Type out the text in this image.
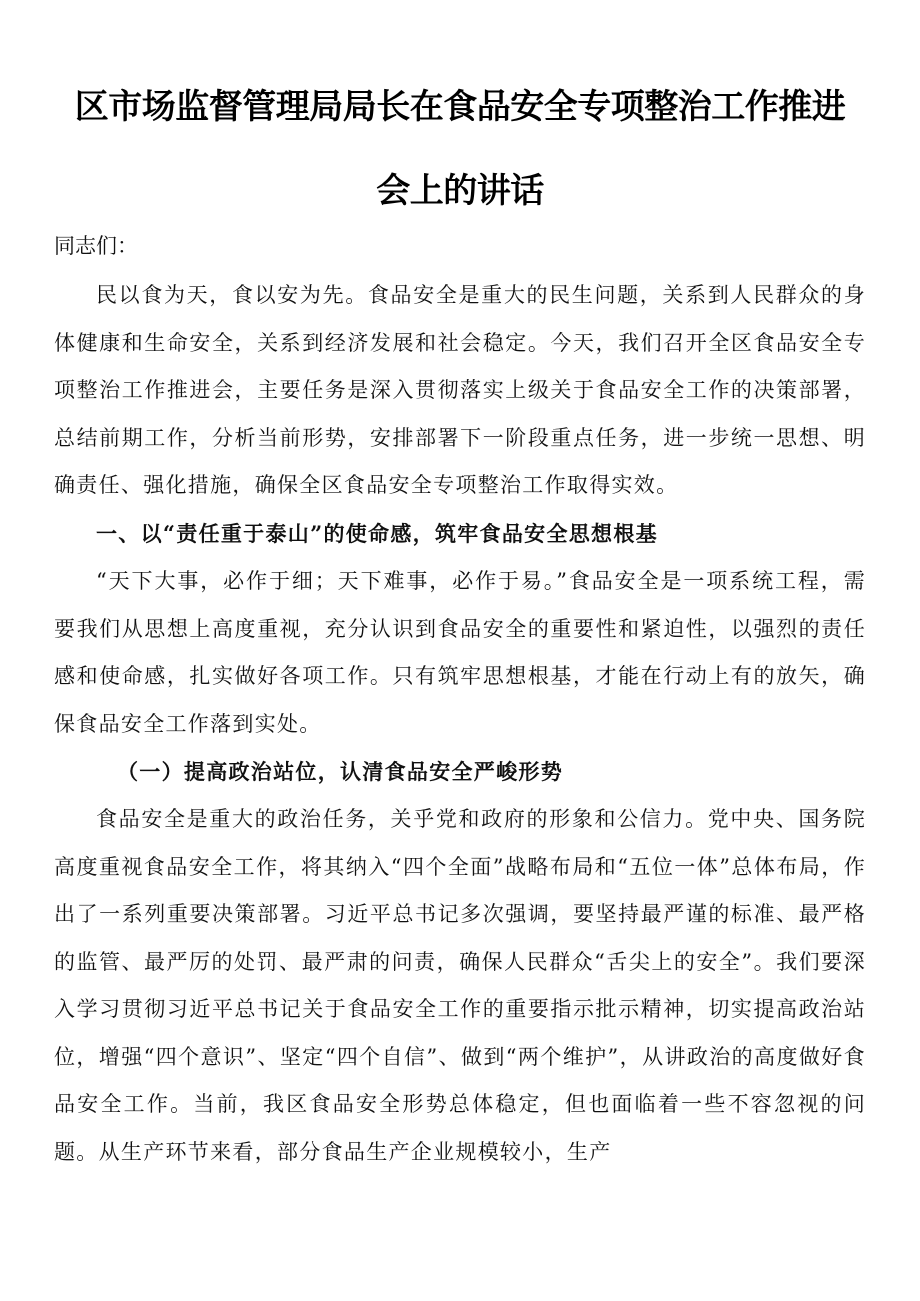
区市场监督管理局局长在食品安全专项整治工作推进
会上的讲话

同志们：

民以食为天，食以安为先。食品安全是重大的民生问题，关系到人民群众的身体健康和生命安全，关系到经济发展和社会稳定。今天，我们召开全区食品安全专项整治工作推进会，主要任务是深入贯彻落实上级关于食品安全工作的决策部署，总结前期工作，分析当前形势，安排部署下一阶段重点任务，进一步统一思想、明确责任、强化措施，确保全区食品安全专项整治工作取得实效。

一、以“责任重于泰山”的使命感，筑牢食品安全思想根基

“天下大事，必作于细；天下难事，必作于易。”食品安全是一项系统工程，需要我们从思想上高度重视，充分认识到食品安全的重要性和紧迫性，以强烈的责任感和使命感，扎实做好各项工作。只有筑牢思想根基，才能在行动上有的放矢，确保食品安全工作落到实处。

（一）提高政治站位，认清食品安全严峻形势

食品安全是重大的政治任务，关乎党和政府的形象和公信力。党中央、国务院高度重视食品安全工作，将其纳入“四个全面”战略布局和“五位一体”总体布局，作出了一系列重要决策部署。习近平总书记多次强调，要坚持最严谨的标准、最严格的监管、最严厉的处罚、最严肃的问责，确保人民群众“舌尖上的安全”。我们要深入学习贯彻习近平总书记关于食品安全工作的重要指示批示精神，切实提高政治站位，增强“四个意识”、坚定“四个自信”、做到“两个维护”，从讲政治的高度做好食品安全工作。当前，我区食品安全形势总体稳定，但也面临着一些不容忽视的问题。从生产环节来看，部分食品生产企业规模较小，生产
